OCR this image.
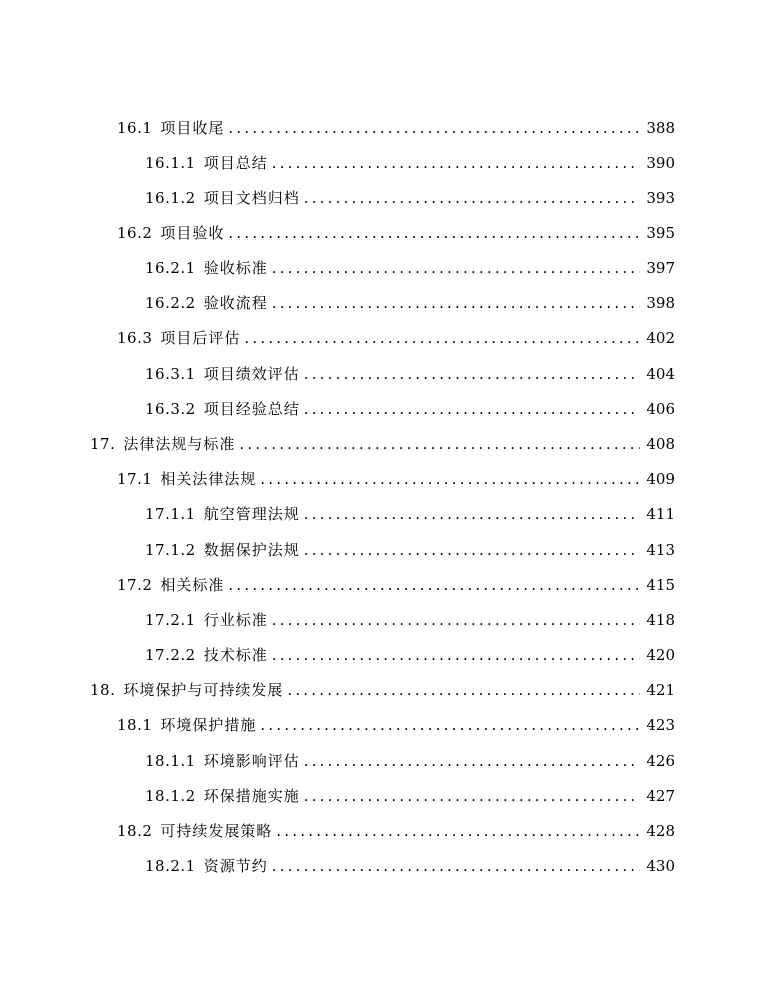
16.1 项目收尾 .....	388
16.1.1 项目总结 .....	390
16.1.2 项目文档归档 .....	393
16.2 项目验收 .....	395
16.2.1 验收标准 .....	397
16.2.2 验收流程 .....	398
16.3 项目后评估 .....	402
16.3.1 项目绩效评估 .....	404
16.3.2 项目经验总结 .....	406
17. 法律法规与标准 .....	408
17.1 相关法律法规 .....	409
17.1.1 航空管理法规 .....	411
17.1.2 数据保护法规 .....	413
17.2 相关标准 .....	415
17.2.1 行业标准 .....	418
17.2.2 技术标准 .....	420
18. 环境保护与可持续发展 .....	421
18.1 环境保护措施 .....	423
18.1.1 环境影响评估 .....	426
18.1.2 环保措施实施 .....	427
18.2 可持续发展策略 .....	428
18.2.1 资源节约 .....	430
